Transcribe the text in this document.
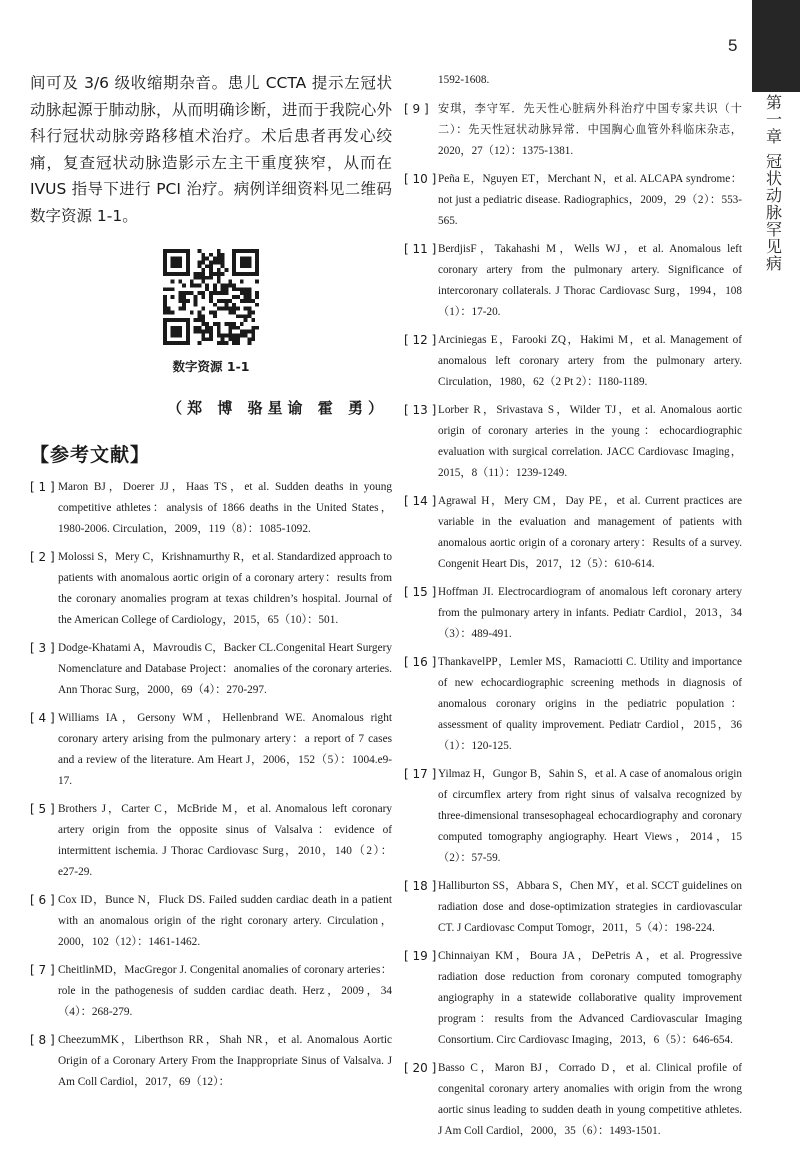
5
第
一
章
冠
状
动
脉
罕
见
病

间可及 3/6 级收缩期杂音。患儿 CCTA 提示左冠状动脉起源于肺动脉，从而明确诊断，进而于我院心外科行冠状动脉旁路移植术治疗。术后患者再发心绞痛，复查冠状动脉造影示左主干重度狭窄，从而在 IVUS 指导下进行 PCI 治疗。病例详细资料见二维码数字资源 1-1。

数字资源 1-1
（郑 博 骆星谕 霍 勇）
【参考文献】
[ 1 ] Maron BJ，Doerer JJ，Haas TS，et al. Sudden deaths in young competitive athletes：analysis of 1866 deaths in the United States，1980-2006. Circulation，2009，119（8）：1085-1092.
[ 2 ] Molossi S，Mery C，Krishnamurthy R，et al. Standardized approach to patients with anomalous aortic origin of a coronary artery：results from the coronary anomalies program at texas children’s hospital. Journal of the American College of Cardiology，2015，65（10）：501.
[ 3 ] Dodge-Khatami A，Mavroudis C，Backer CL.Congenital Heart Surgery Nomenclature and Database Project：anomalies of the coronary arteries. Ann Thorac Surg，2000，69（4）：270-297.
[ 4 ] Williams IA，Gersony WM，Hellenbrand WE. Anomalous right coronary artery arising from the pulmonary artery：a report of 7 cases and a review of the literature. Am Heart J，2006，152（5）：1004.e9-17.
[ 5 ] Brothers J，Carter C，McBride M，et al. Anomalous left coronary artery origin from the opposite sinus of Valsalva：evidence of intermittent ischemia. J Thorac Cardiovasc Surg，2010，140（2）：e27-29.
[ 6 ] Cox ID，Bunce N，Fluck DS. Failed sudden cardiac death in a patient with an anomalous origin of the right coronary artery. Circulation，2000，102（12）：1461-1462.
[ 7 ] CheitlinMD，MacGregor J. Congenital anomalies of coronary arteries：role in the pathogenesis of sudden cardiac death. Herz，2009，34（4）：268-279.
[ 8 ] CheezumMK，Liberthson RR，Shah NR，et al. Anomalous Aortic Origin of a Coronary Artery From the Inappropriate Sinus of Valsalva. J Am Coll Cardiol，2017，69（12）：

1592-1608.

[ 9 ] 安琪，李守军．先天性心脏病外科治疗中国专家共识（十二）：先天性冠状动脉异常．中国胸心血管外科临床杂志，2020，27（12）：1375-1381.
[ 10 ] Peña E，Nguyen ET，Merchant N，et al. ALCAPA syndrome：not just a pediatric disease. Radiographics，2009，29（2）：553-565.
[ 11 ] BerdjisF，Takahashi M，Wells WJ，et al. Anomalous left coronary artery from the pulmonary artery. Significance of intercoronary collaterals. J Thorac Cardiovasc Surg，1994，108（1）：17-20.
[ 12 ] Arciniegas E，Farooki ZQ，Hakimi M，et al. Management of anomalous left coronary artery from the pulmonary artery. Circulation，1980，62（2 Pt 2）：I180-1189.
[ 13 ] Lorber R，Srivastava S，Wilder TJ，et al. Anomalous aortic origin of coronary arteries in the young：echocardiographic evaluation with surgical correlation. JACC Cardiovasc Imaging，2015，8（11）：1239-1249.
[ 14 ] Agrawal H，Mery CM，Day PE，et al. Current practices are variable in the evaluation and management of patients with anomalous aortic origin of a coronary artery：Results of a survey. Congenit Heart Dis，2017，12（5）：610-614.
[ 15 ] Hoffman JI. Electrocardiogram of anomalous left coronary artery from the pulmonary artery in infants. Pediatr Cardiol，2013，34（3）：489-491.
[ 16 ] ThankavelPP，Lemler MS，Ramaciotti C. Utility and importance of new echocardiographic screening methods in diagnosis of anomalous coronary origins in the pediatric population：assessment of quality improvement. Pediatr Cardiol，2015，36（1）：120-125.
[ 17 ] Yilmaz H，Gungor B，Sahin S，et al. A case of anomalous origin of circumflex artery from right sinus of valsalva recognized by three-dimensional transesophageal echocardiography and coronary computed tomography angiography. Heart Views，2014，15（2）：57-59.
[ 18 ] Halliburton SS，Abbara S，Chen MY，et al. SCCT guidelines on radiation dose and dose-optimization strategies in cardiovascular CT. J Cardiovasc Comput Tomogr，2011，5（4）：198-224.
[ 19 ] Chinnaiyan KM，Boura JA，DePetris A，et al. Progressive radiation dose reduction from coronary computed tomography angiography in a statewide collaborative quality improvement program：results from the Advanced Cardiovascular Imaging Consortium. Circ Cardiovasc Imaging，2013，6（5）：646-654.
[ 20 ] Basso C，Maron BJ，Corrado D，et al. Clinical profile of congenital coronary artery anomalies with origin from the wrong aortic sinus leading to sudden death in young competitive athletes. J Am Coll Cardiol，2000，35（6）：1493-1501.
